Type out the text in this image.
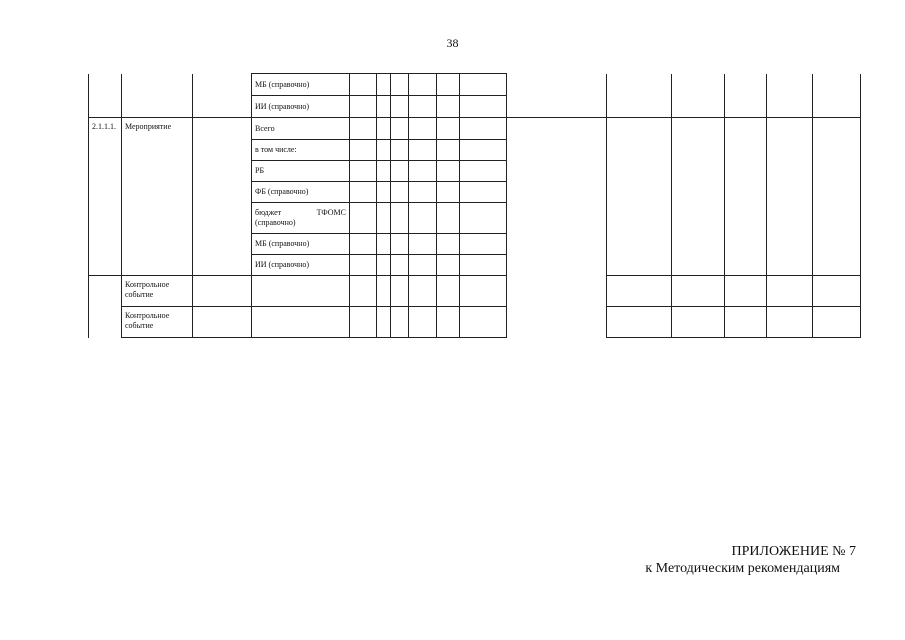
38
			МБ (справочно)												
			ИИ (справочно)												
2.1.1.1.	Мероприятие		Всего												
			в том числе:												
			РБ												
			ФБ (справочно)												

			бюджет ТФОМС
(справочно)												

			МБ (справочно)												
			ИИ (справочно)												
	Контрольное событие														
	Контрольное событие														
ПРИЛОЖЕНИЕ № 7
к Методическим рекомендациям
